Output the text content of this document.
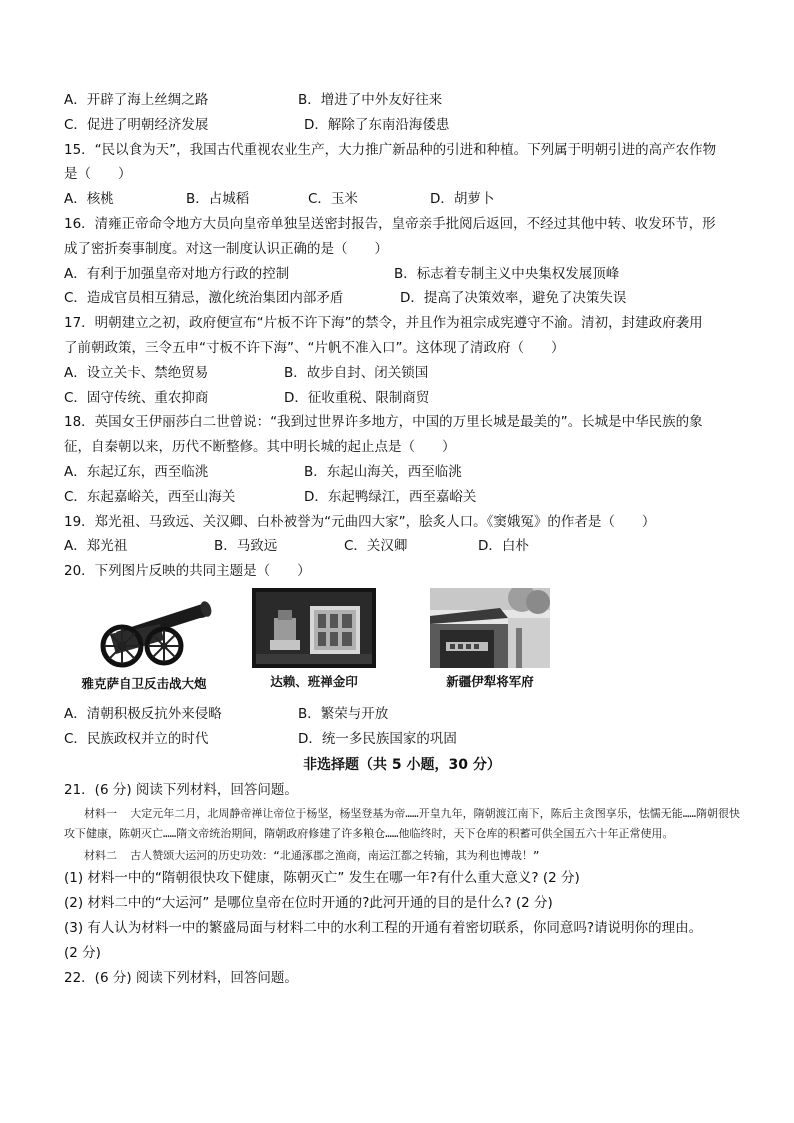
A．开辟了海上丝绸之路	B．增进了中外友好往来
C．促进了明朝经济发展	D．解除了东南沿海倭患
15．“民以食为天”，我国古代重视农业生产，大力推广新品种的引进和种植。下列属于明朝引进的高产农作物
是（　　）
A．核桃	B．占城稻	C．玉米	D．胡萝卜
16．清雍正帝命令地方大员向皇帝单独呈送密封报告，皇帝亲手批阅后返回，不经过其他中转、收发环节，形
成了密折奏事制度。对这一制度认识正确的是（　　）
A．有利于加强皇帝对地方行政的控制	B．标志着专制主义中央集权发展顶峰
C．造成官员相互猜忌，激化统治集团内部矛盾	D．提高了决策效率，避免了决策失误
17．明朝建立之初，政府便宣布“片板不许下海”的禁令，并且作为祖宗成宪遵守不渝。清初，封建政府袭用
了前朝政策，三令五申“寸板不许下海”、“片帆不准入口”。这体现了清政府（　　）
A．设立关卡、禁绝贸易	B．故步自封、闭关锁国
C．固守传统、重农抑商	D．征收重税、限制商贸
18．英国女王伊丽莎白二世曾说：“我到过世界许多地方，中国的万里长城是最美的”。长城是中华民族的象
征，自秦朝以来，历代不断整修。其中明长城的起止点是（　　）
A．东起辽东，西至临洮	B．东起山海关，西至临洮
C．东起嘉峪关，西至山海关	D．东起鸭绿江，西至嘉峪关
19．郑光祖、马致远、关汉卿、白朴被誉为“元曲四大家”，脍炙人口。《窦娥冤》的作者是（　　）
A．郑光祖	B．马致远	C．关汉卿	D．白朴
20．下列图片反映的共同主题是（　　）
雅克萨自卫反击战大炮	达赖、班禅金印	新疆伊犁将军府
A．清朝积极反抗外来侵略	B．繁荣与开放
C．民族政权并立的时代	D．统一多民族国家的巩固
非选择题（共 5 小题，30 分）
21．(6 分) 阅读下列材料，回答问题。
材料一 大定元年二月，北周静帝禅让帝位于杨坚，杨坚登基为帝……开皇九年，隋朝渡江南下，陈后主贪图享乐，怯懦无能……隋朝很快攻下健康，陈朝灭亡……隋文帝统治期间，隋朝政府修建了许多粮仓……他临终时，天下仓库的积蓄可供全国五六十年正常使用。
材料二 古人赞颂大运河的历史功效：“北通涿郡之渔商，南运江都之转输，其为利也博哉！”
(1) 材料一中的“隋朝很快攻下健康，陈朝灭亡” 发生在哪一年?有什么重大意义? (2 分)
(2) 材料二中的“大运河” 是哪位皇帝在位时开通的?此河开通的目的是什么? (2 分)
(3) 有人认为材料一中的繁盛局面与材料二中的水利工程的开通有着密切联系，你同意吗?请说明你的理由。
(2 分)
22．(6 分) 阅读下列材料，回答问题。
